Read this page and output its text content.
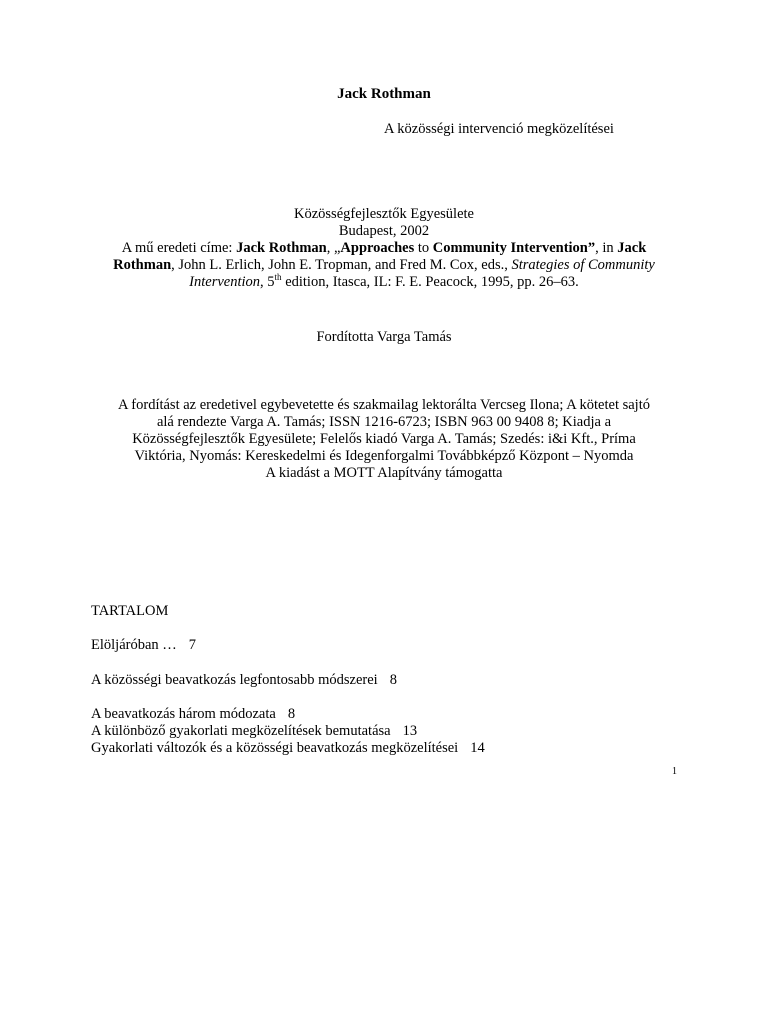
Jack Rothman
A közösségi intervenció megközelítései
Közösségfejlesztők Egyesülete
Budapest, 2002
A mű eredeti címe: Jack Rothman, „Approaches to Community Intervention”, in Jack
Rothman, John L. Erlich, John E. Tropman, and Fred M. Cox, eds., Strategies of Community
Intervention, 5th edition, Itasca, IL: F. E. Peacock, 1995, pp. 26–63.
Fordította Varga Tamás
A fordítást az eredetivel egybevetette és szakmailag lektorálta Vercseg Ilona; A kötetet sajtó
alá rendezte Varga A. Tamás; ISSN 1216-6723; ISBN 963 00 9408 8; Kiadja a
Közösségfejlesztők Egyesülete; Felelős kiadó Varga A. Tamás; Szedés: i&i Kft., Príma
Viktória, Nyomás: Kereskedelmi és Idegenforgalmi Továbbképző Központ – Nyomda
A kiadást a MOTT Alapítvány támogatta
TARTALOM
Elöljáróban … 7
A közösségi beavatkozás legfontosabb módszerei 8
A beavatkozás három módozata 8
A különböző gyakorlati megközelítések bemutatása 13
Gyakorlati változók és a közösségi beavatkozás megközelítései 14
1
